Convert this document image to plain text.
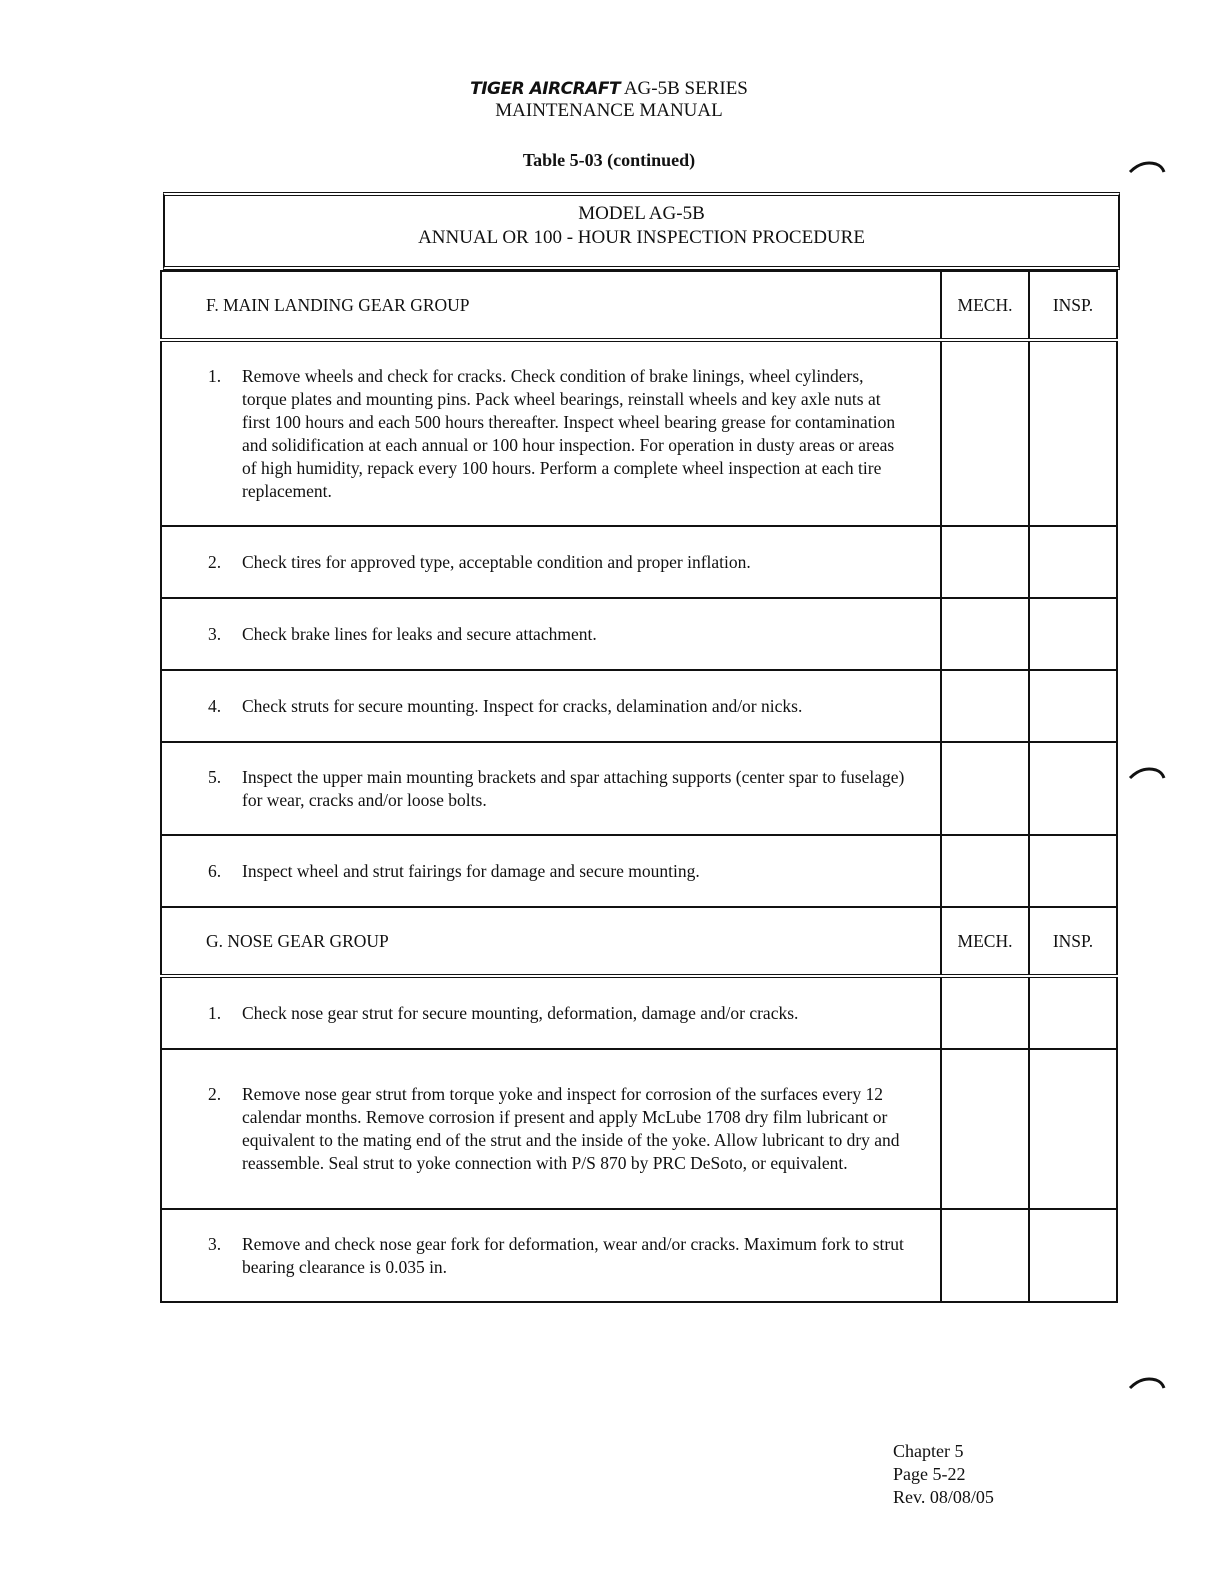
TIGER AIRCRAFT AG-5B SERIES
MAINTENANCE MANUAL
Table 5-03 (continued)
MODEL AG-5B
ANNUAL OR 100 - HOUR INSPECTION PROCEDURE
F. MAIN LANDING GEAR GROUP	MECH.	INSP.

1. Remove wheels and check for cracks. Check condition of brake linings, wheel cylinders, torque plates and mounting pins. Pack wheel bearings, reinstall wheels and key axle nuts at first 100 hours and each 500 hours thereafter. Inspect wheel bearing grease for contamination and solidification at each annual or 100 hour inspection. For operation in dusty areas or areas of high humidity, repack every 100 hours. Perform a complete wheel inspection at each tire replacement.		

2. Check tires for approved type, acceptable condition and proper inflation.		

3. Check brake lines for leaks and secure attachment.		

4. Check struts for secure mounting. Inspect for cracks, delamination and/or nicks.		

5. Inspect the upper main mounting brackets and spar attaching supports (center spar to fuselage) for wear, cracks and/or loose bolts.		

6. Inspect wheel and strut fairings for damage and secure mounting.		

G. NOSE GEAR GROUP	MECH.	INSP.

1. Check nose gear strut for secure mounting, deformation, damage and/or cracks.		

2. Remove nose gear strut from torque yoke and inspect for corrosion of the surfaces every 12 calendar months. Remove corrosion if present and apply McLube 1708 dry film lubricant or equivalent to the mating end of the strut and the inside of the yoke. Allow lubricant to dry and reassemble. Seal strut to yoke connection with P/S 870 by PRC DeSoto, or equivalent.		

3. Remove and check nose gear fork for deformation, wear and/or cracks. Maximum fork to strut bearing clearance is 0.035 in.		

Chapter 5
Page 5-22
Rev. 08/08/05
